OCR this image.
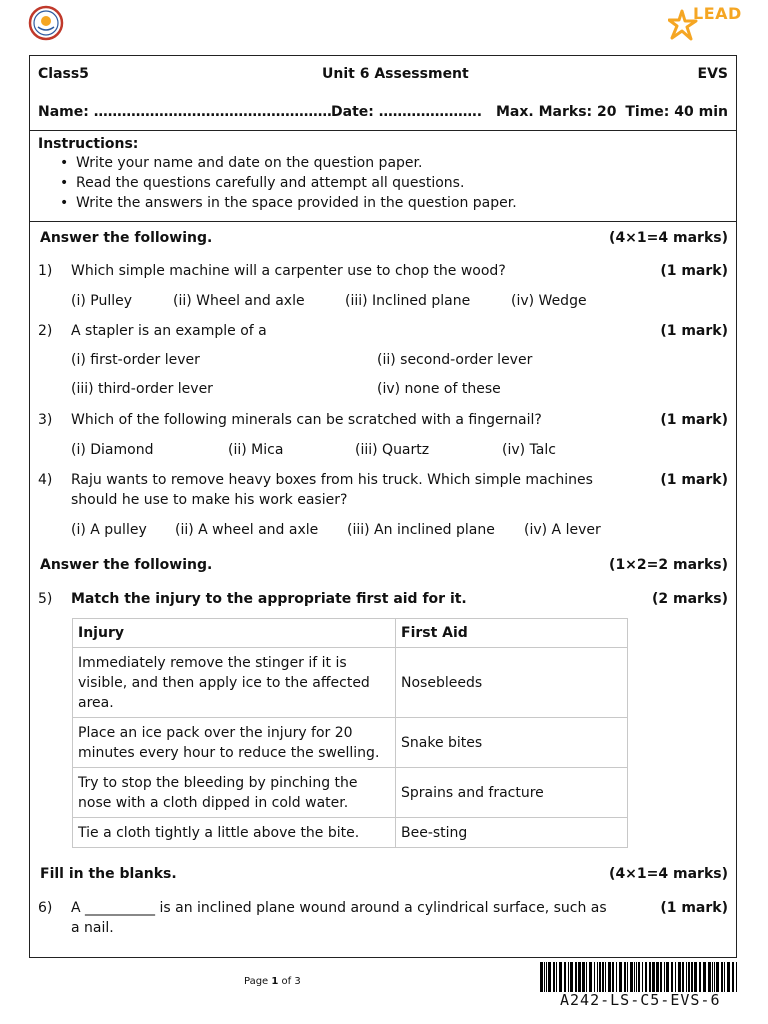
LEAD
Class5	Unit 6 Assessment	EVS
Name: …………………………………………… Date: …………………. Max. Marks: 20 Time: 40 min
Instructions:
• Write your name and date on the question paper.
• Read the questions carefully and attempt all questions.
• Write the answers in the space provided in the question paper.
Answer the following.	(4×1=4 marks)
1) Which simple machine will a carpenter use to chop the wood?	(1 mark)
(i) Pulley	(ii) Wheel and axle	(iii) Inclined plane	(iv) Wedge
2) A stapler is an example of a	(1 mark)
(i) first-order lever	(ii) second-order lever
(iii) third-order lever	(iv) none of these
3) Which of the following minerals can be scratched with a fingernail?	(1 mark)
(i) Diamond	(ii) Mica	(iii) Quartz	(iv) Talc
4) Raju wants to remove heavy boxes from his truck. Which simple machines
should he use to make his work easier?
(1 mark)
(i) A pulley (ii) A wheel and axle (iii) An inclined plane (iv) A lever
Answer the following.	(1×2=2 marks)
5) Match the injury to the appropriate first aid for it.	(2 marks)
Injury	First Aid
Immediately remove the stinger if it is visible, and then apply ice to the affected area.	Nosebleeds
Place an ice pack over the injury for 20 minutes every hour to reduce the swelling.	Snake bites
Try to stop the bleeding by pinching the nose with a cloth dipped in cold water.	Sprains and fracture
Tie a cloth tightly a little above the bite.	Bee-sting
Fill in the blanks.	(4×1=4 marks)
6) A __________ is an inclined plane wound around a cylindrical surface, such as
a nail.
(1 mark)
Page 1 of 3
A242-LS-C5-EVS-6
